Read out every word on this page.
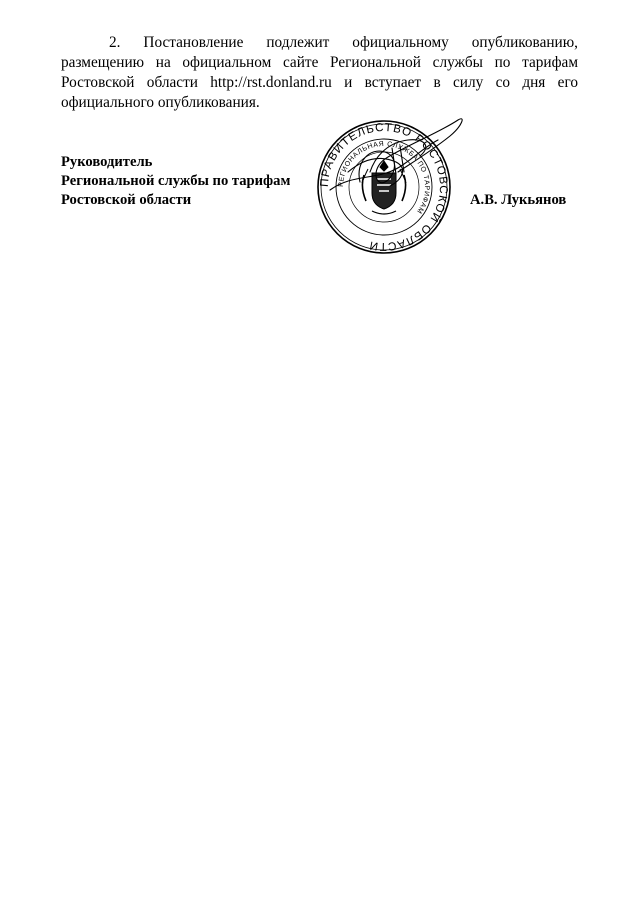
2. Постановление подлежит официальному опубликованию, размещению на официальном сайте Региональной службы по тарифам Ростовской области http://rst.donland.ru и вступает в силу со дня его официального опубликования.

Руководитель
Региональной службы по тарифам
Ростовской области	А.В. Лукьянов
ПРАВИТЕЛЬСТВО РОСТОВСКОЙ ОБЛАСТИ
РЕГИОНАЛЬНАЯ СЛУЖБА ПО ТАРИФАМ
